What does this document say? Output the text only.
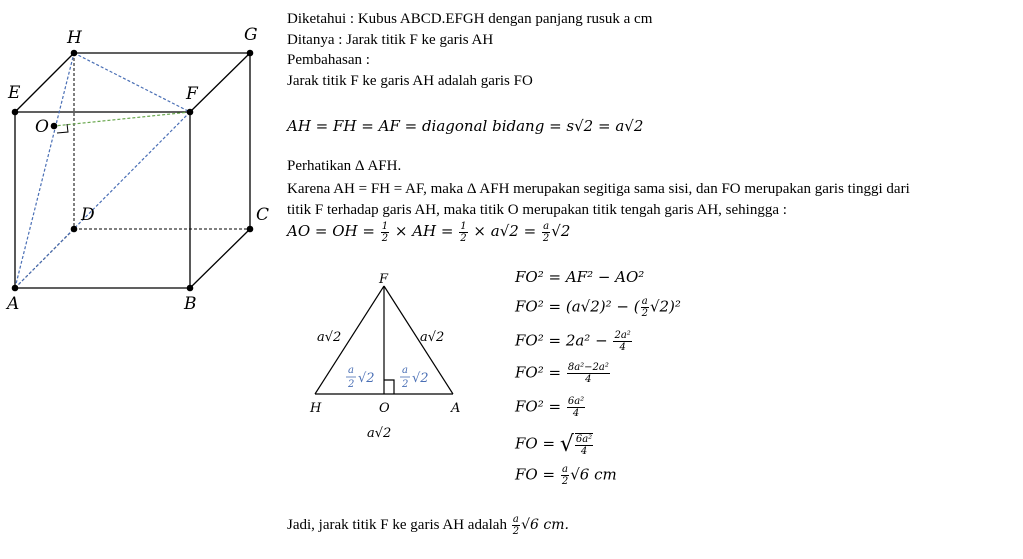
H	G
E	F
O
D	C
A	B
Diketahui : Kubus ABCD.EFGH dengan panjang rusuk a cm
Ditanya : Jarak titik F ke garis AH
Pembahasan :
Jarak titik F ke garis AH adalah garis FO
AH = FH = AF = diagonal bidang = s√2 = a√2
Perhatikan Δ AFH.
Karena AH = FH = AF, maka Δ AFH merupakan segitiga sama sisi, dan FO merupakan garis tinggi dari
titik F terhadap garis AH, maka titik O merupakan titik tengah garis AH, sehingga :
AO = OH = $\frac{1}{2}$ × AH = $\frac{1}{2} \times a√2 = \frac{a}{2} √2$
F
H	O	A
a√2	a√2
a√2
a
2 √2
a
2 √2
FO² = AF² − AO²
FO² = (a√2)² − ( $\frac{a}{2} √2)^2$
$FO^2 = 2a^2 - \frac{\text{2a²}}{4}$
$FO^2 = \frac{\text{8a²−2a²}}{4}$
$FO^2 = \frac{\text{6a²}}{4}$
FO = √ $\frac{\text{6a²}}{4}$
FO = $\frac{a}{2} √6$ cm
Jadi, jarak titik F ke garis AH adalah $\frac{a}{2} √6$ cm.
